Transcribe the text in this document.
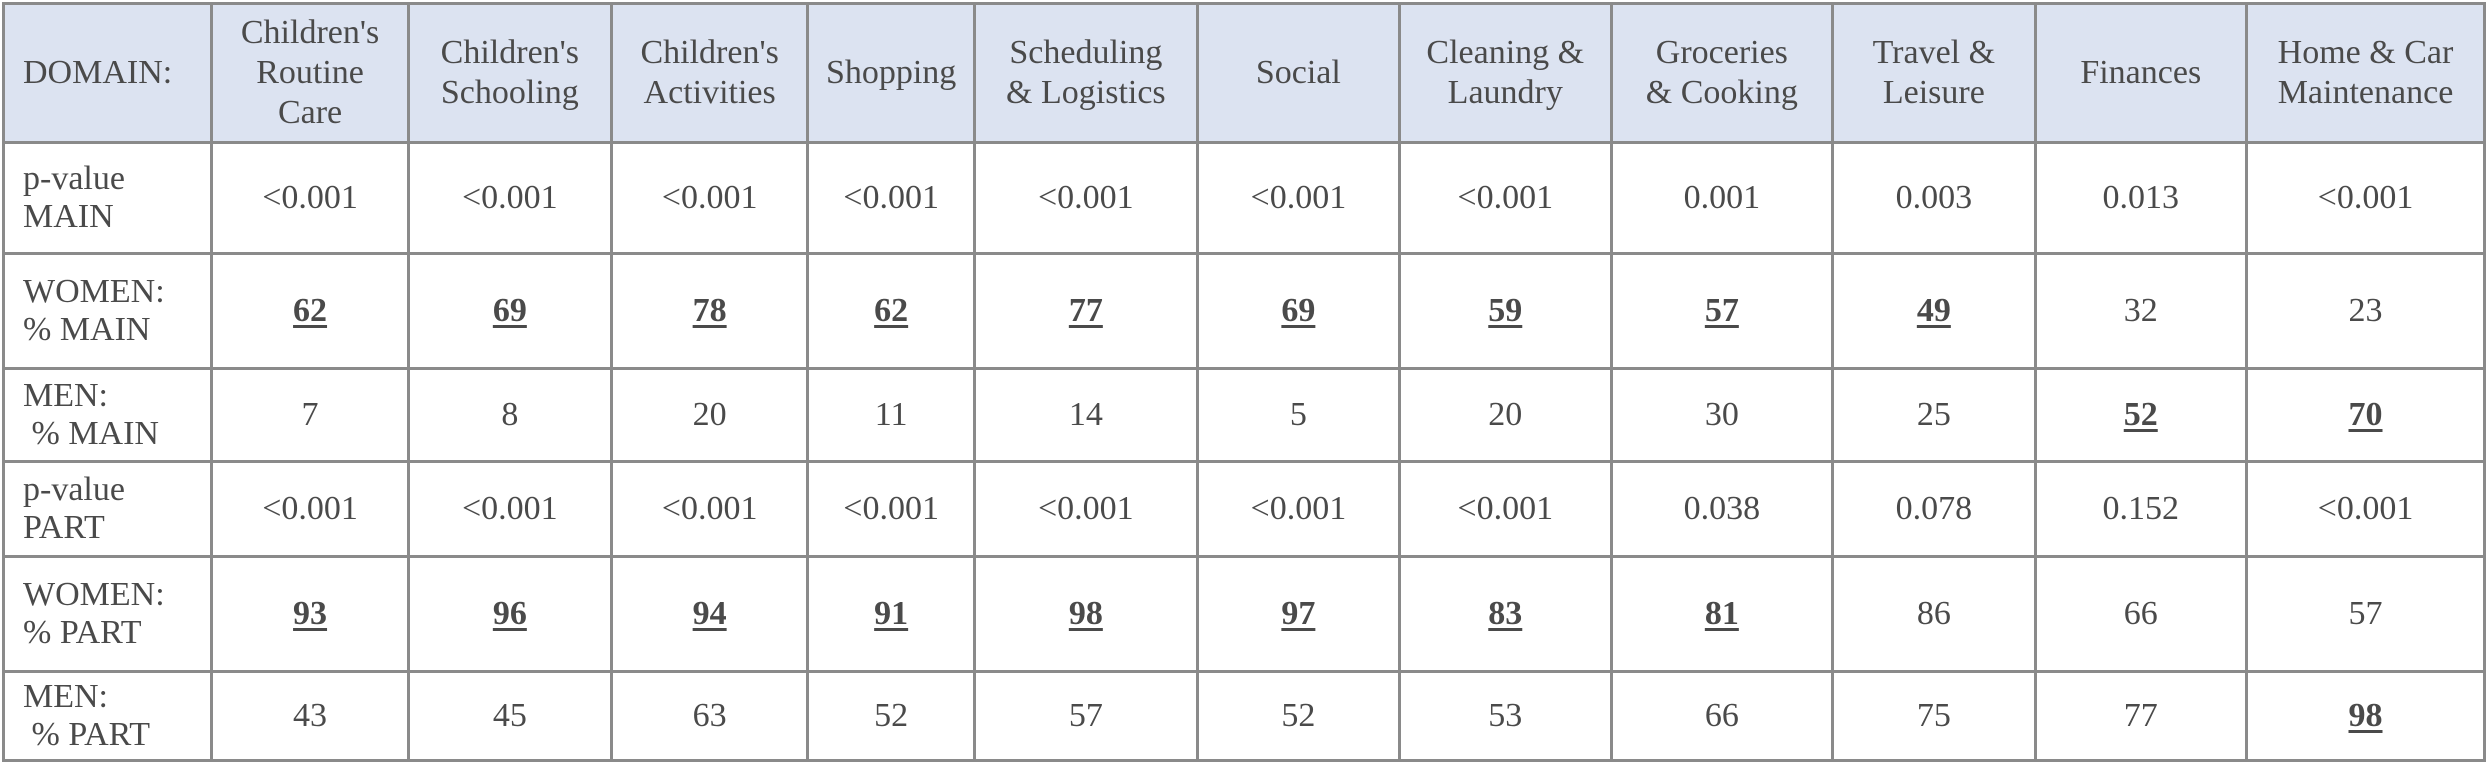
DOMAIN:	Children's
Routine
Care	Children's
Schooling	Children's
Activities	Shopping	Scheduling
& Logistics	Social	Cleaning &
Laundry	Groceries
& Cooking	Travel &
Leisure	Finances	Home & Car
Maintenance

p-value
MAIN	<0.001	<0.001	<0.001	<0.001	<0.001	<0.001	<0.001	0.001	0.003	0.013	<0.001

WOMEN:
% MAIN	62	69	78	62	77	69	59	57	49	32	23

MEN:
% MAIN	7	8	20	11	14	5	20	30	25	52	70

p-value
PART	<0.001	<0.001	<0.001	<0.001	<0.001	<0.001	<0.001	0.038	0.078	0.152	<0.001

WOMEN:
% PART	93	96	94	91	98	97	83	81	86	66	57

MEN:
% PART	43	45	63	52	57	52	53	66	75	77	98
